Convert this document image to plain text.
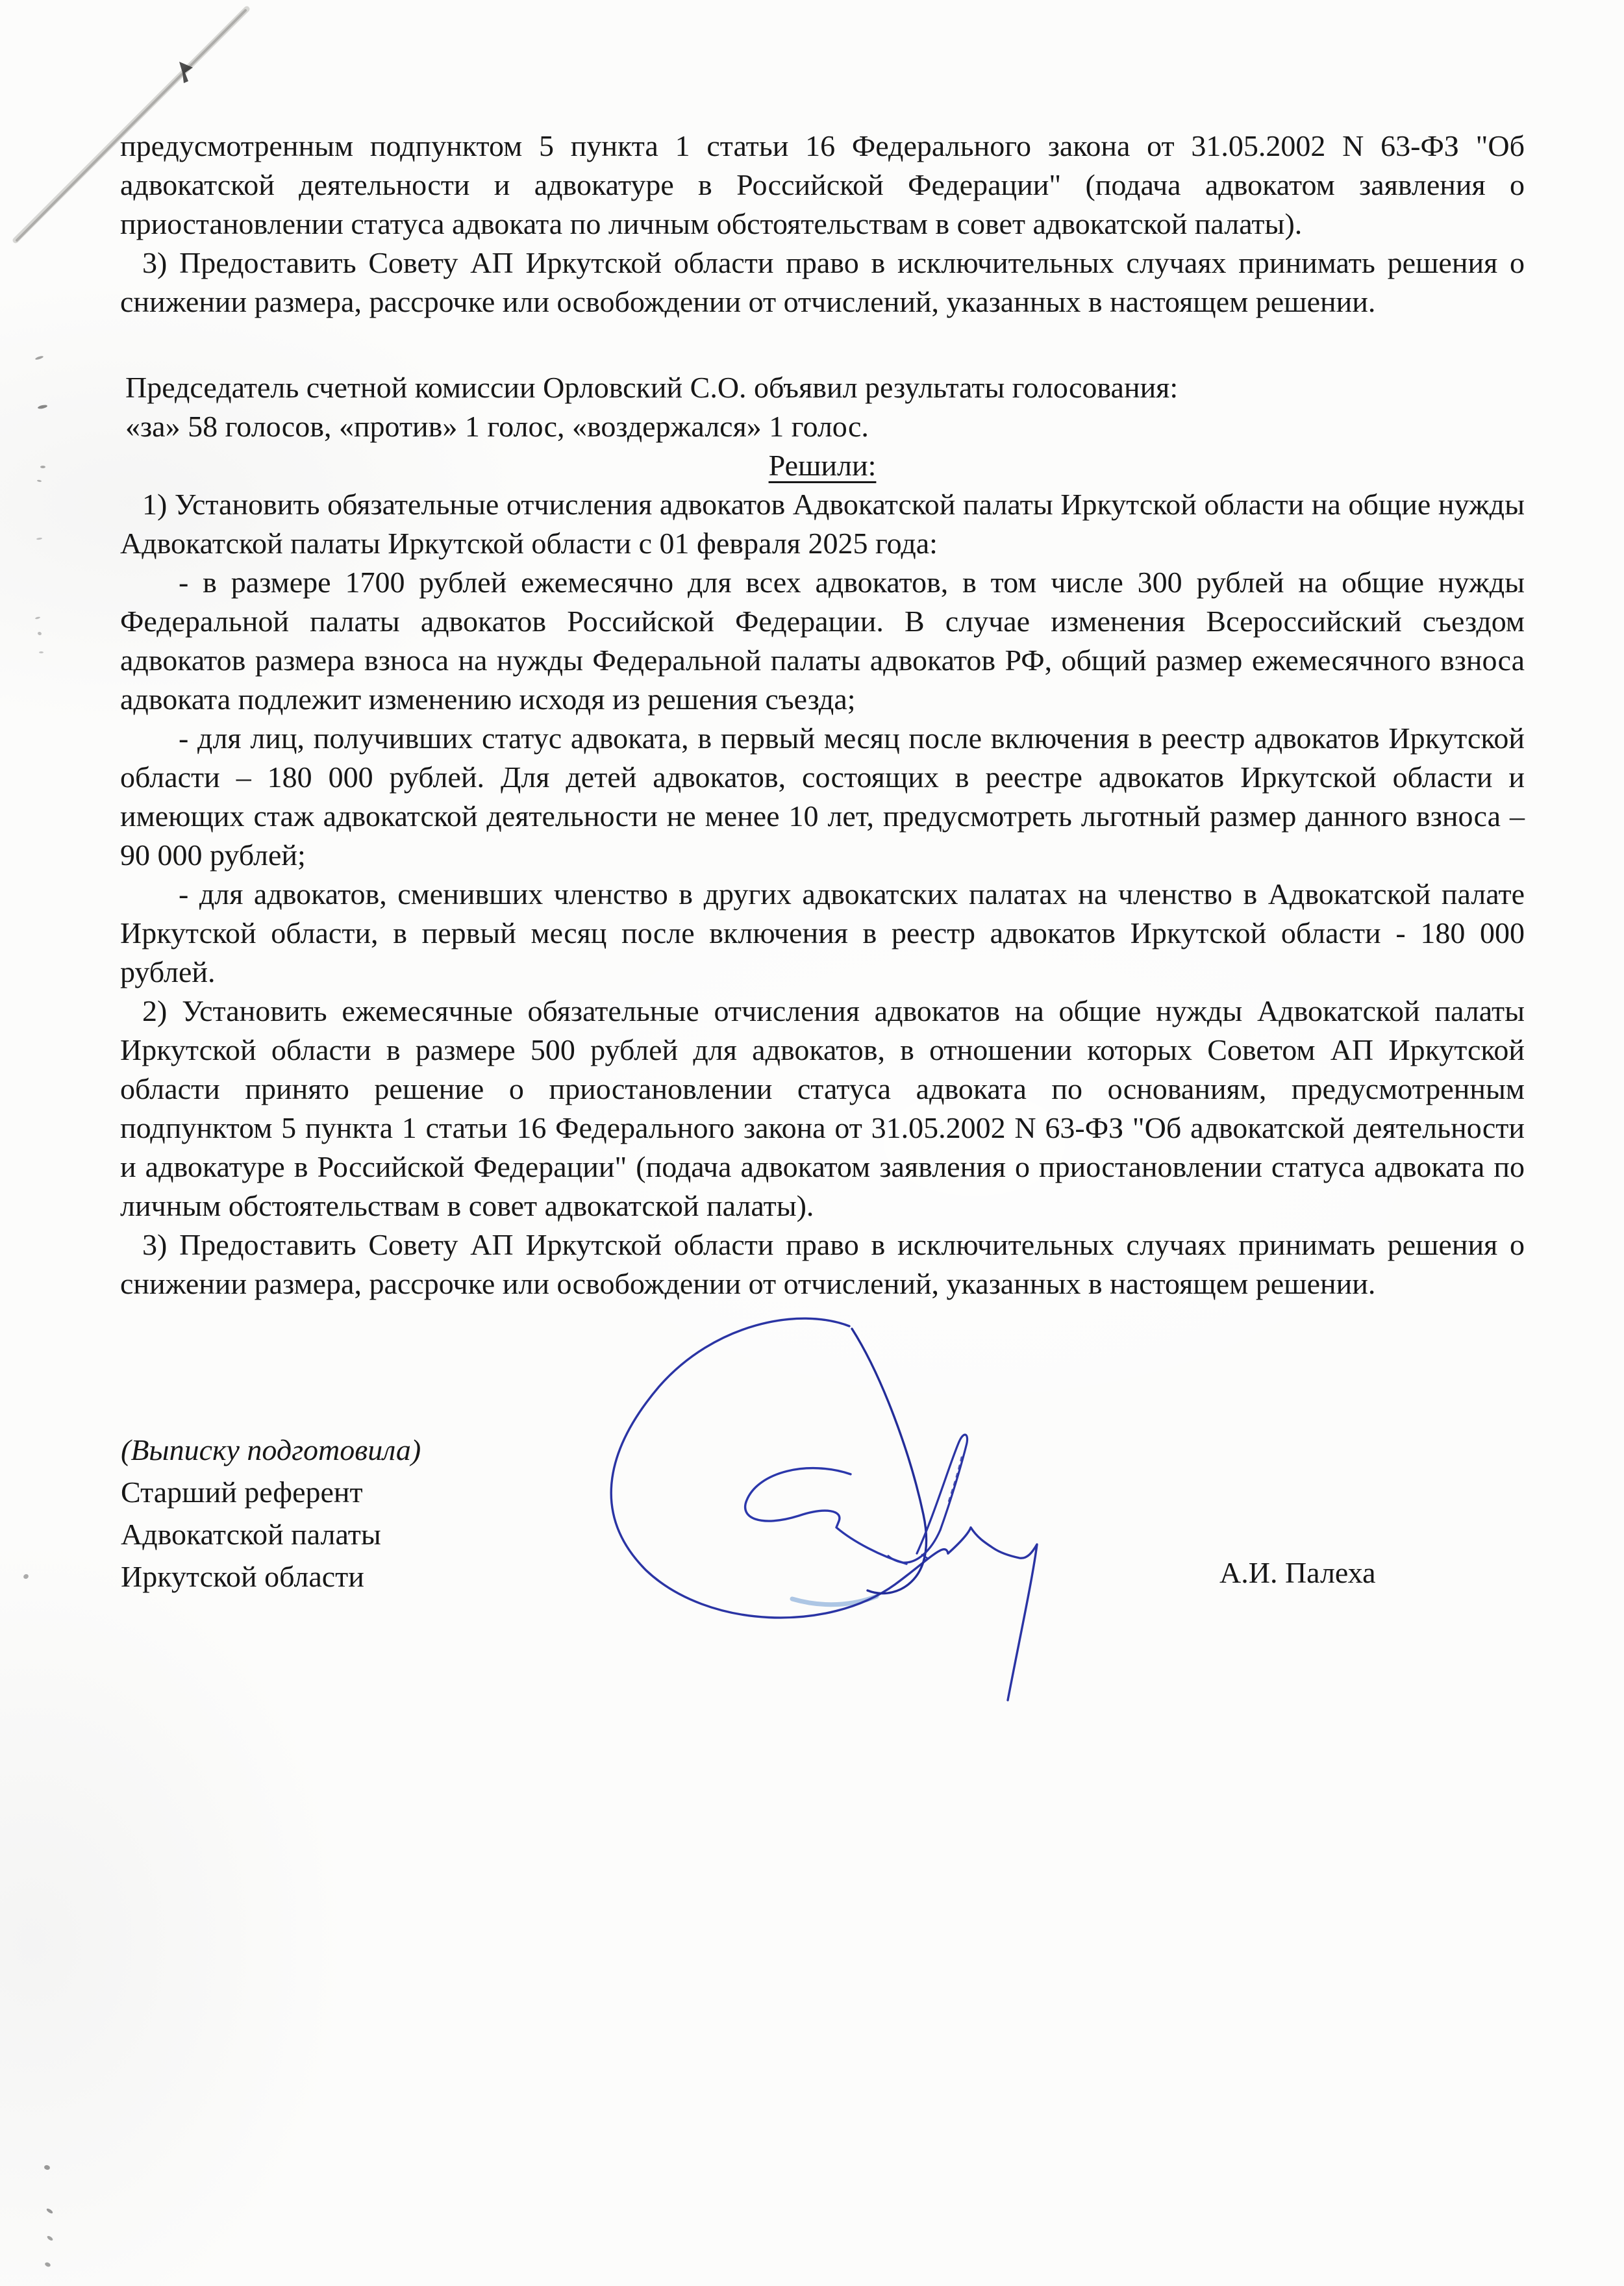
предусмотренным подпунктом 5 пункта 1 статьи 16 Федерального закона от 31.05.2002 N 63-ФЗ "Об адвокатской деятельности и адвокатуре в Российской Федерации" (подача адвокатом заявления о приостановлении статуса адвоката по личным обстоятельствам в совет адвокатской палаты).

3) Предоставить Совету АП Иркутской области право в исключительных случаях принимать решения о снижении размера, рассрочке или освобождении от отчислений, указанных в настоящем решении.

Председатель счетной комиссии Орловский С.О. объявил результаты голосования:

«за» 58 голосов, «против» 1 голос, «воздержался» 1 голос.

Решили:

1) Установить обязательные отчисления адвокатов Адвокатской палаты Иркутской области на общие нужды Адвокатской палаты Иркутской области с 01 февраля 2025 года:

- в размере 1700 рублей ежемесячно для всех адвокатов, в том числе 300 рублей на общие нужды Федеральной палаты адвокатов Российской Федерации. В случае изменения Всероссийский съездом адвокатов размера взноса на нужды Федеральной палаты адвокатов РФ, общий размер ежемесячного взноса адвоката подлежит изменению исходя из решения съезда;

- для лиц, получивших статус адвоката, в первый месяц после включения в реестр адвокатов Иркутской области – 180 000 рублей. Для детей адвокатов, состоящих в реестре адвокатов Иркутской области и имеющих стаж адвокатской деятельности не менее 10 лет, предусмотреть льготный размер данного взноса – 90 000 рублей;

- для адвокатов, сменивших членство в других адвокатских палатах на членство в Адвокатской палате Иркутской области, в первый месяц после включения в реестр адвокатов Иркутской области - 180 000 рублей.

2) Установить ежемесячные обязательные отчисления адвокатов на общие нужды Адвокатской палаты Иркутской области в размере 500 рублей для адвокатов, в отношении которых Советом АП Иркутской области принято решение о приостановлении статуса адвоката по основаниям, предусмотренным подпунктом 5 пункта 1 статьи 16 Федерального закона от 31.05.2002 N 63-ФЗ "Об адвокатской деятельности и адвокатуре в Российской Федерации" (подача адвокатом заявления о приостановлении статуса адвоката по личным обстоятельствам в совет адвокатской палаты).

3) Предоставить Совету АП Иркутской области право в исключительных случаях принимать решения о снижении размера, рассрочке или освобождении от отчислений, указанных в настоящем решении.

(Выписку подготовила)
Старший референт
Адвокатской палаты
Иркутской области	А.И. Палеха
